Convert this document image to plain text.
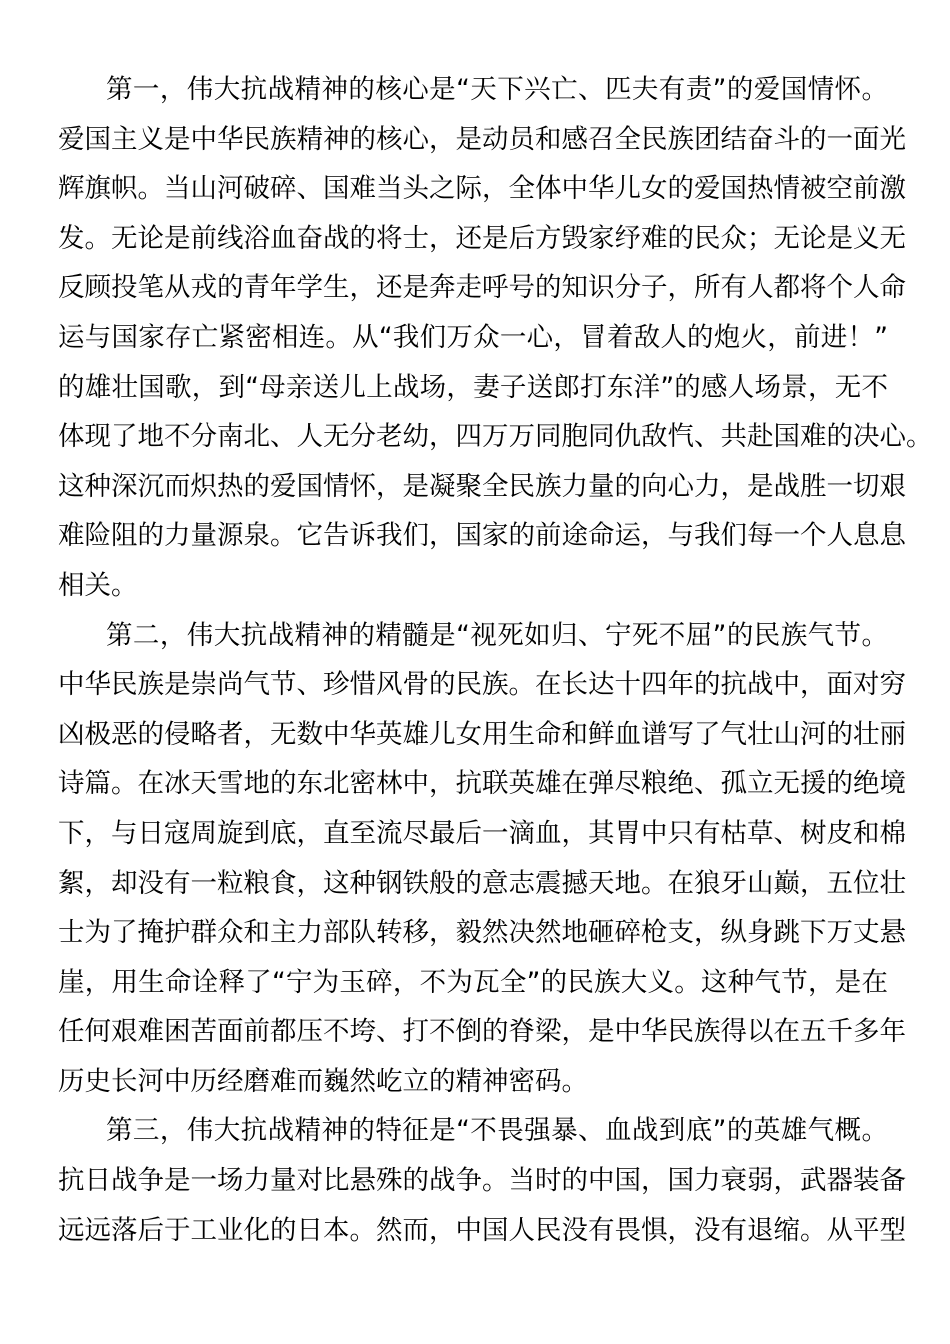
第一，伟大抗战精神的核心是“天下兴亡、匹夫有责”的爱国情怀。
爱国主义是中华民族精神的核心，是动员和感召全民族团结奋斗的一面光
辉旗帜。当山河破碎、国难当头之际，全体中华儿女的爱国热情被空前激
发。无论是前线浴血奋战的将士，还是后方毁家纾难的民众；无论是义无
反顾投笔从戎的青年学生，还是奔走呼号的知识分子，所有人都将个人命
运与国家存亡紧密相连。从“我们万众一心，冒着敌人的炮火，前进！”
的雄壮国歌，到“母亲送儿上战场，妻子送郎打东洋”的感人场景，无不
体现了地不分南北、人无分老幼，四万万同胞同仇敌忾、共赴国难的决心。
这种深沉而炽热的爱国情怀，是凝聚全民族力量的向心力，是战胜一切艰
难险阻的力量源泉。它告诉我们，国家的前途命运，与我们每一个人息息
相关。
第二，伟大抗战精神的精髓是“视死如归、宁死不屈”的民族气节。
中华民族是崇尚气节、珍惜风骨的民族。在长达十四年的抗战中，面对穷
凶极恶的侵略者，无数中华英雄儿女用生命和鲜血谱写了气壮山河的壮丽
诗篇。在冰天雪地的东北密林中，抗联英雄在弹尽粮绝、孤立无援的绝境
下，与日寇周旋到底，直至流尽最后一滴血，其胃中只有枯草、树皮和棉
絮，却没有一粒粮食，这种钢铁般的意志震撼天地。在狼牙山巅，五位壮
士为了掩护群众和主力部队转移，毅然决然地砸碎枪支，纵身跳下万丈悬
崖，用生命诠释了“宁为玉碎，不为瓦全”的民族大义。这种气节，是在
任何艰难困苦面前都压不垮、打不倒的脊梁，是中华民族得以在五千多年
历史长河中历经磨难而巍然屹立的精神密码。
第三，伟大抗战精神的特征是“不畏强暴、血战到底”的英雄气概。
抗日战争是一场力量对比悬殊的战争。当时的中国，国力衰弱，武器装备
远远落后于工业化的日本。然而，中国人民没有畏惧，没有退缩。从平型
